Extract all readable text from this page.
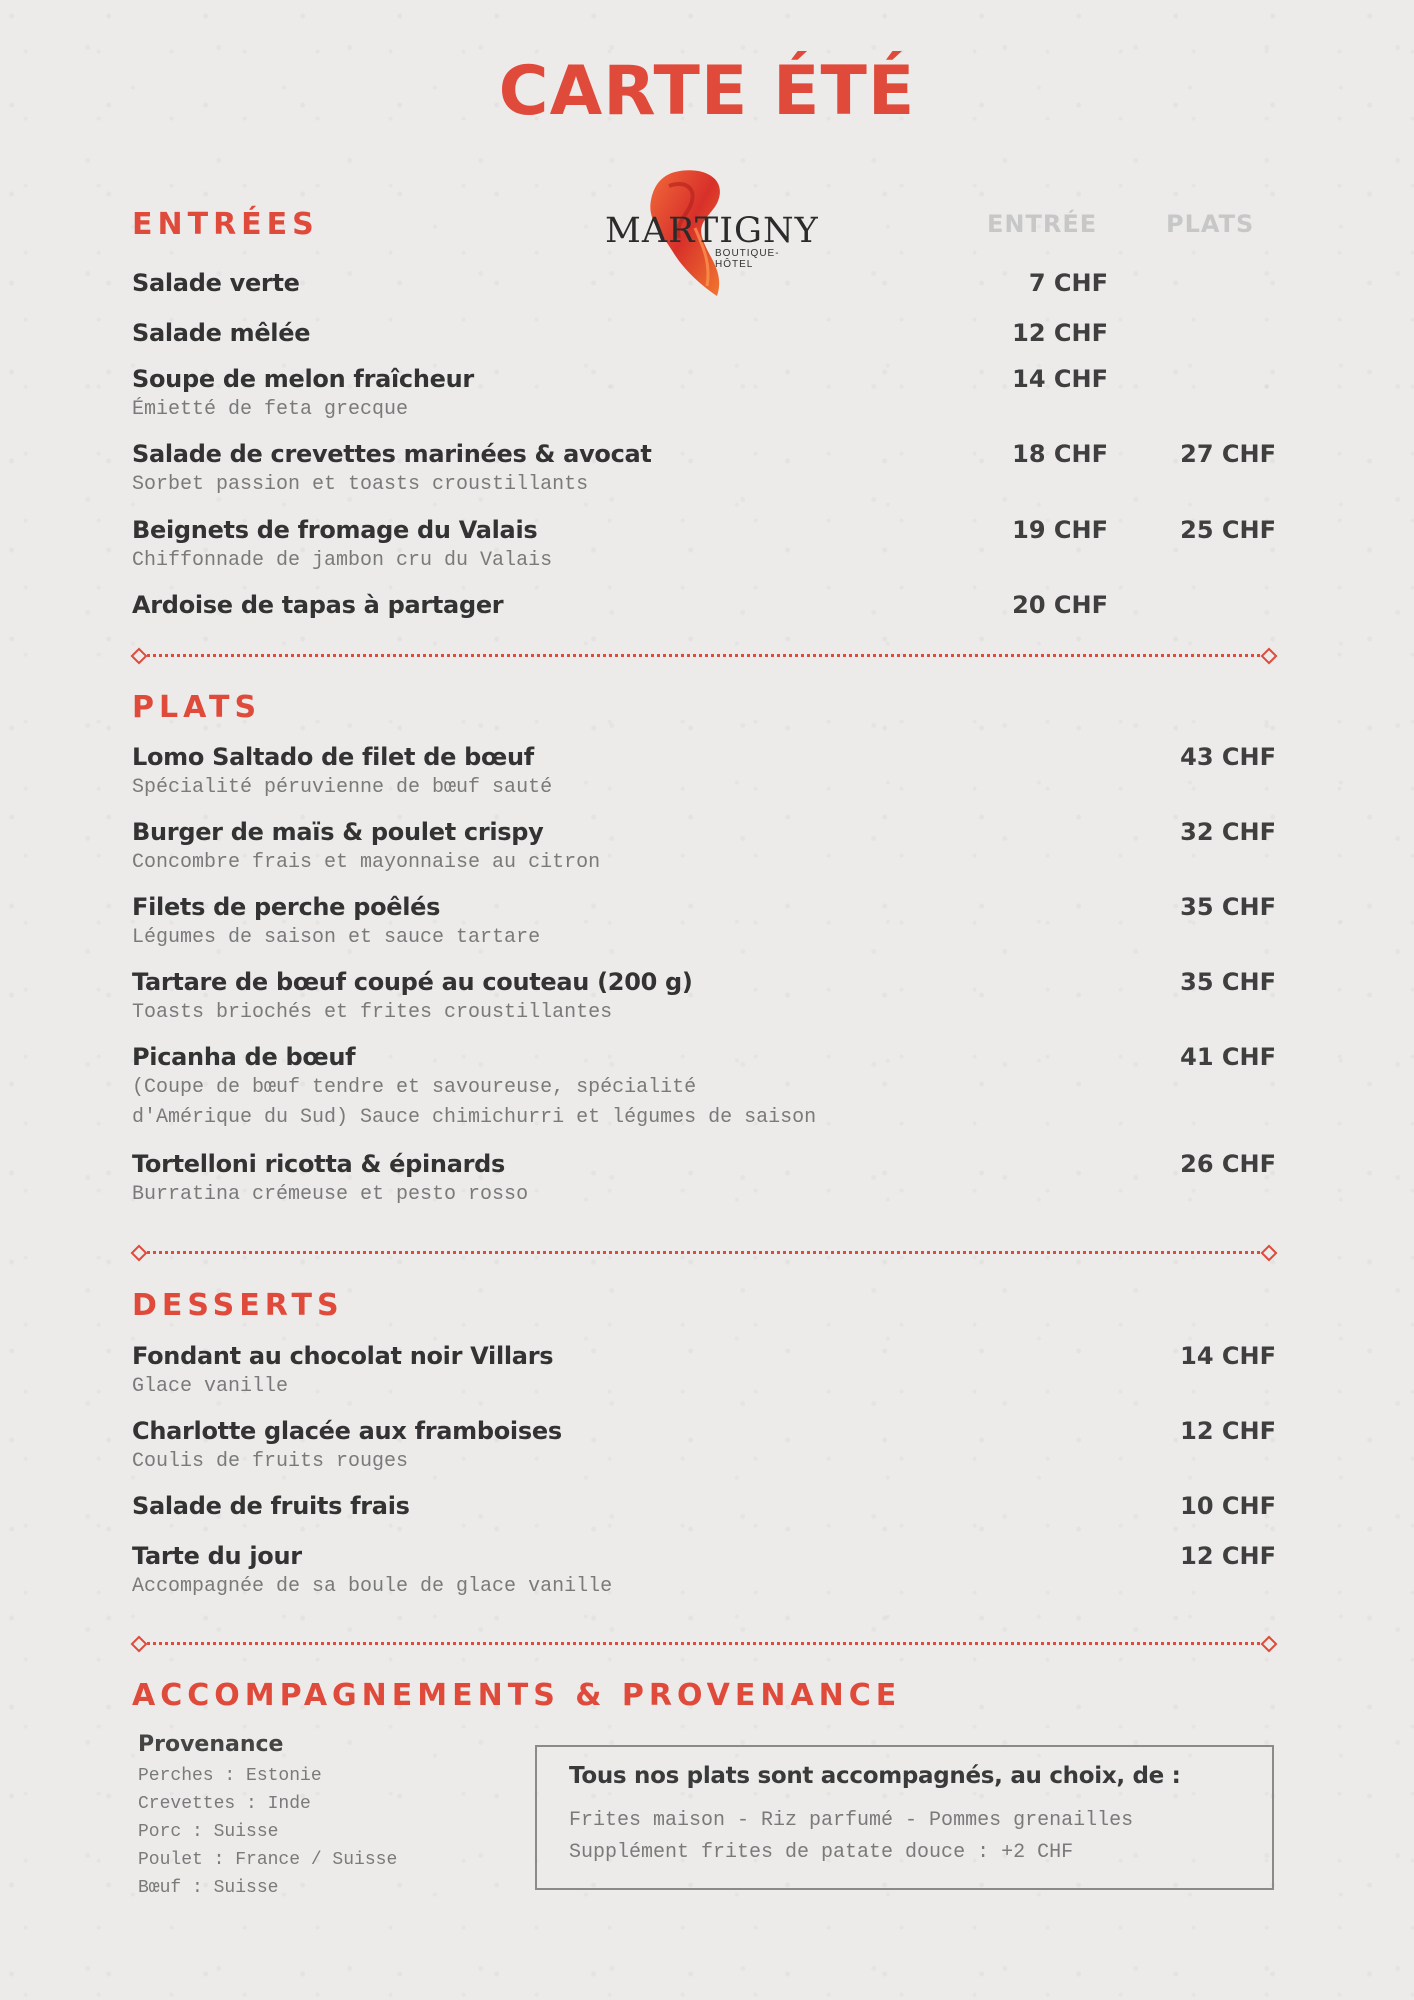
CARTE ÉTÉ
MARTIGNY
BOUTIQUE-HÔTEL
ENTRÉES	ENTRÉE	PLATS
Salade verte	7 CHF
Salade mêlée	12 CHF
Soupe de melon fraîcheur
Émietté de feta grecque
14 CHF
Salade de crevettes marinées & avocat
Sorbet passion et toasts croustillants
18 CHF	27 CHF
Beignets de fromage du Valais
Chiffonnade de jambon cru du Valais
19 CHF	25 CHF
Ardoise de tapas à partager	20 CHF
PLATS
Lomo Saltado de filet de bœuf
Spécialité péruvienne de bœuf sauté
43 CHF
Burger de maïs & poulet crispy
Concombre frais et mayonnaise au citron
32 CHF
Filets de perche poêlés
Légumes de saison et sauce tartare
35 CHF
Tartare de bœuf coupé au couteau (200 g)
Toasts briochés et frites croustillantes
35 CHF
Picanha de bœuf
(Coupe de bœuf tendre et savoureuse, spécialité
d'Amérique du Sud) Sauce chimichurri et légumes de saison
41 CHF
Tortelloni ricotta & épinards
Burratina crémeuse et pesto rosso
26 CHF
DESSERTS
Fondant au chocolat noir Villars
Glace vanille
14 CHF
Charlotte glacée aux framboises
Coulis de fruits rouges
12 CHF
Salade de fruits frais	10 CHF
Tarte du jour
Accompagnée de sa boule de glace vanille
12 CHF
ACCOMPAGNEMENTS & PROVENANCE
Provenance
Perches : Estonie
Crevettes : Inde
Porc : Suisse
Poulet : France / Suisse
Bœuf : Suisse
Tous nos plats sont accompagnés, au choix, de :
Frites maison - Riz parfumé - Pommes grenailles
Supplément frites de patate douce : +2 CHF
